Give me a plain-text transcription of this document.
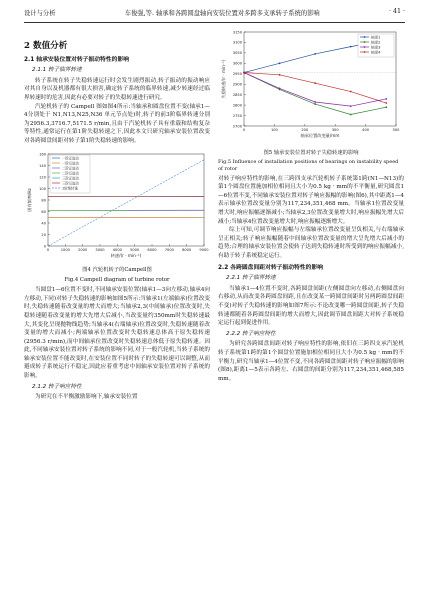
设计与分析	车俊强,等. 轴承和各跨圆盘轴向安装位置对多跨多支承转子系统的影响	· 41 ·
2 数值分析
2.1 轴承安装位置对转子振动特性的影响
2.1.1 转子临界转速

转子系统在转子失稳转速运行时会发生剧烈振动,转子振动的振动响应对其自身以及机器都有很大损害,确定转子系统的临界转速,减少转速经过临界转速时的危害,因此有必要对转子的失稳转速进行研究。

汽轮机转子的 Campell 图如图4所示:当轴承和圆盘位置不变(轴承1—4分别处于 N1,N13,N25,N36 单元节点处)时,转子的前3阶临界转速分别为2956.3,3716.7,5171.5 r/min,且由于汽轮机转子具有重载和结构复杂等特性,通常运行在第1阶失稳转速之下,因此本文只研究轴承安装位置改变对各跨圆盘间距对转子第1阶失稳转速的影响。

0	1000 2000 3000 4000 5000 6000 7000 8000 9000
0
20
40
60
80
100
120
140
160
转速/(r · min⁻¹)
固有频率/Hz
一阶正进动
一阶反进动
二阶正进动
二阶反进动
三阶正进动
三阶反进动
1倍频转速
图4 汽轮机转子的Campell图
Fig.4 Campell diagram of turbine rotor

当圆盘1—6位置不变时,不同轴承安装位置(轴承1—3向左移动,轴承4向左移动,下同)对转子失稳转速的影响如图5所示:当轴承1(左端轴承)位置改变时,失稳转速随着改变量的增大而增大;当轴承2,3(中间轴承)位置改变时,失稳转速随着改变量的增大先增大后减小,当改变量约350mm时失稳转速最大,其变化呈现抛物线趋势;当轴承4(右端轴承)位置改变时,失稳转速随着改变量的增大而减小;两端轴承位置改变时失稳转速总体高于原失稳转速(2956.3 r/min),而中间轴承位置改变时失稳转速总体低于原失稳转速。因此,不同轴承安装位置对转子系统的影响不同,对于一般汽轮机,当转子系统的轴承安装位置不能改变时,在安装位置不同时转子的失稳转速可以调整,从而避成转子系统运行不稳定,因此应着重考虑中间轴承安装位置对转子系统的影响。

2.1.2 转子响应特性

为研究在不平衡激励影响下,轴承安装位置

0	100	200	300	400	500
2700
2750
2800
2850
2900
2950
3000
3050
3100
3150
轴承位置改变量/mm
失稳转速/(r · min⁻¹)
轴承1
轴承2
轴承3
轴承4
图5 轴承安装位置对转子失稳转速的影响
Fig.5 Influence of installation positions of bearings on instability speed of rotor

对转子响应特性的影响,在三跨四支承汽轮机转子系统第1跨(N1—N13)的第1个圆盘位置施加相位相同且大小为0.5 kg · mm的不平衡量,研究圆盘1—6位置不变,不同轴承安装位置对转子响应振幅的影响(图6),其中距离1—4表示轴承位置改变量分别为117,234,351,468 mm。当轴承1位置改变量增大时,响应振幅逐渐减小;当轴承2,3位置改变量增大时,响应振幅先增大后减小;当轴承4位置改变量增大时,响应振幅逐渐增大。

综上可知,可调节响应振幅与左端轴承位置改变量呈负相关,与右端轴承呈正相关;转子响应振幅随着中间轴承位置改变量的增大呈先增大后减小的趋势;合理的轴承安装位置会使转子达到失稳转速时所受到的响应振幅减小,有助于转子系统稳定运行。

2.2 各跨圆盘间距对转子振动特性的影响
2.2.1 转子临界转速

当轴承1—4位置不变时,各跨圆盘间距(左侧圆盘向左移动,右侧圆盘向右移动,从而改变各跨圆盘间距,且在改变某一跨圆盘间距时另两跨圆盘间距不变)对转子失稳转速的影响如图7所示:不论改变哪一跨圆盘间距,转子失稳转速都随着各跨圆盘间距的增大而增大,因此调节圆盘间距大对转子系统稳定运行起到促进作用。

2.2.2 转子响应特性

为研究各跨圆盘间距对转子响应特性的影响,依旧在三跨四支承汽轮机转子系统第1跨的第1个圆盘位置施加相位相同且大小为0.5 kg · mm的不平衡力,研究当轴承1—4位置不变,不同各跨圆盘间距对转子响应振幅的影响(图8),距离1—5表示各跨左、右圆盘的间距分别为117,234,351,468,585 mm。
